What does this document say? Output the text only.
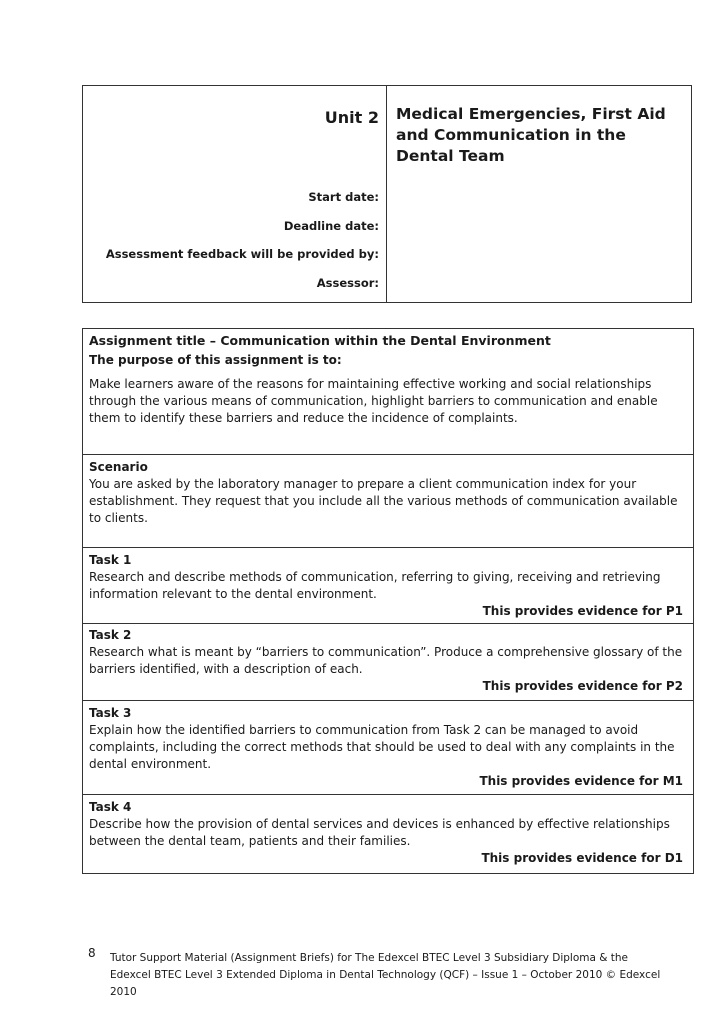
Unit 2 Medical Emergencies, First Aid and Communication in the Dental Team
Start date:
Deadline date:
Assessment feedback will be provided by:
Assessor:

Assignment title – Communication within the Dental Environment

The purpose of this assignment is to:

Make learners aware of the reasons for maintaining effective working and social relationships through the various means of communication, highlight barriers to communication and enable them to identify these barriers and reduce the incidence of complaints.

Scenario

You are asked by the laboratory manager to prepare a client communication index for your establishment. They request that you include all the various methods of communication available to clients.

Task 1

Research and describe methods of communication, referring to giving, receiving and retrieving information relevant to the dental environment.

This provides evidence for P1

Task 2

Research what is meant by “barriers to communication”. Produce a comprehensive glossary of the barriers identified, with a description of each.

This provides evidence for P2

Task 3

Explain how the identified barriers to communication from Task 2 can be managed to avoid complaints, including the correct methods that should be used to deal with any complaints in the dental environment.

This provides evidence for M1

Task 4

Describe how the provision of dental services and devices is enhanced by effective relationships between the dental team, patients and their families.

This provides evidence for D1

8 Tutor Support Material (Assignment Briefs) for The Edexcel BTEC Level 3 Subsidiary Diploma & the Edexcel BTEC Level 3 Extended Diploma in Dental Technology (QCF) – Issue 1 – October 2010 © Edexcel 2010
